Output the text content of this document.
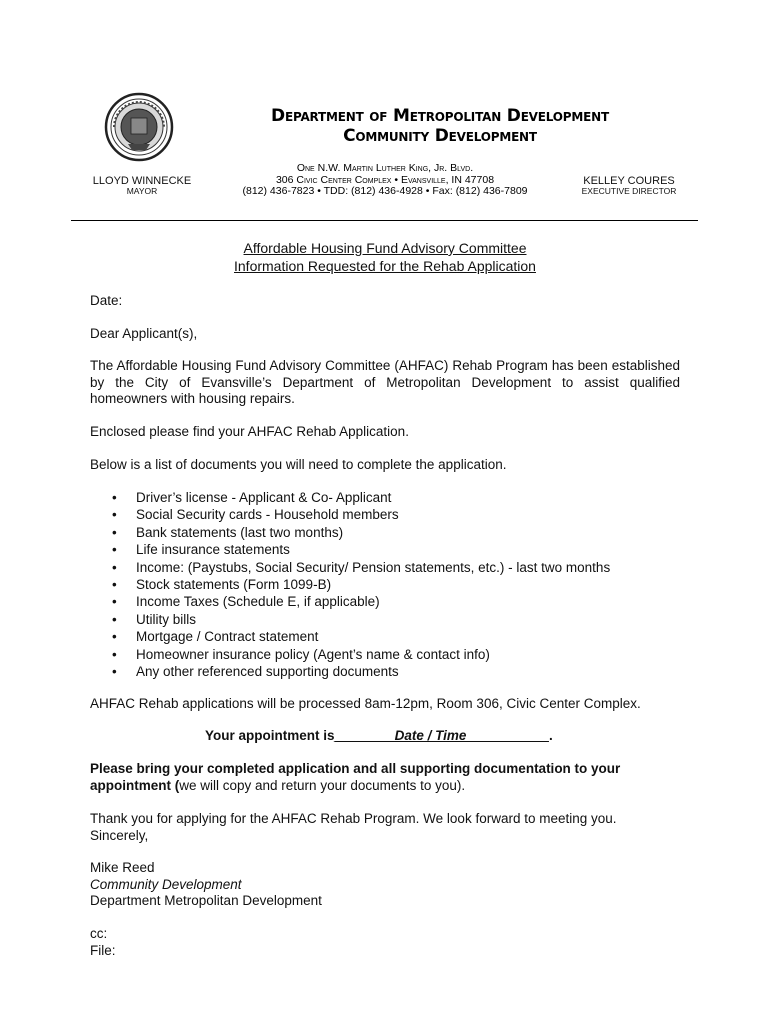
Department of Metropolitan Development
Community Development
One N.W. Martin Luther King, Jr. Blvd.
306 Civic Center Complex • Evansville, IN 47708
(812) 436-7823 • TDD: (812) 436-4928 • Fax: (812) 436-7809
LLOYD WINNECKE
MAYOR
KELLEY COURES
EXECUTIVE DIRECTOR
Affordable Housing Fund Advisory Committee
Information Requested for the Rehab Application
Date:
Dear Applicant(s),
The Affordable Housing Fund Advisory Committee (AHFAC) Rehab Program has been established by the City of Evansville’s Department of Metropolitan Development to assist qualified homeowners with housing repairs.
Enclosed please find your AHFAC Rehab Application.
Below is a list of documents you will need to complete the application.
• Driver’s license - Applicant & Co- Applicant
• Social Security cards - Household members
• Bank statements (last two months)
• Life insurance statements
• Income: (Paystubs, Social Security/ Pension statements, etc.) - last two months
• Stock statements (Form 1099-B)
• Income Taxes (Schedule E, if applicable)
• Utility bills
• Mortgage / Contract statement
• Homeowner insurance policy (Agent’s name & contact info)
• Any other referenced supporting documents
AHFAC Rehab applications will be processed 8am-12pm, Room 306, Civic Center Complex.
Your appointment is________Date / Time___________.
Please bring your completed application and all supporting documentation to your appointment (we will copy and return your documents to you).
Thank you for applying for the AHFAC Rehab Program. We look forward to meeting you.
Sincerely,
Mike Reed
Community Development
Department Metropolitan Development
cc:
File:
